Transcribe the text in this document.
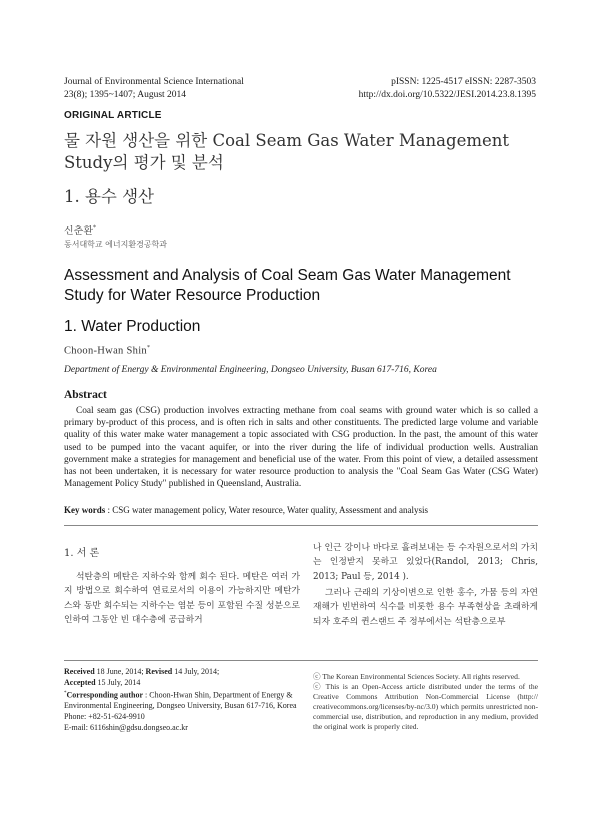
Journal of Environmental Science International
23(8); 1395~1407; August 2014
pISSN: 1225-4517 eISSN: 2287-3503
http://dx.doi.org/10.5322/JESI.2014.23.8.1395
ORIGINAL ARTICLE
물 자원 생산을 위한 Coal Seam Gas Water Management
Study의 평가 및 분석
1. 용수 생산
신춘환*
동서대학교 에너지환경공학과
Assessment and Analysis of Coal Seam Gas Water Management
Study for Water Resource Production
1. Water Production
Choon-Hwan Shin*
Department of Energy & Environmental Engineering, Dongseo University, Busan 617-716, Korea
Abstract

Coal seam gas (CSG) production involves extracting methane from coal seams with ground water which is so called a primary by-product of this process, and is often rich in salts and other constituents. The predicted large volume and variable quality of this water make water management a topic associated with CSG production. In the past, the amount of this water used to be pumped into the vacant aquifer, or into the river during the life of individual production wells. Australian government make a strategies for management and beneficial use of the water. From this point of view, a detailed assessment has not been undertaken, it is necessary for water resource production to analysis the "Coal Seam Gas Water (CSG Water) Management Policy Study" published in Queensland, Australia.

Key words : CSG water management policy, Water resource, Water quality, Assessment and analysis
1. 서 론

석탄층의 메탄은 지하수와 함께 회수 된다. 메탄은 여러 가지 방법으로 회수하여 연료로서의 이용이 가능하지만 메탄가스와 동반 회수되는 지하수는 염분 등이 포함된 수질 성분으로 인하여 그동안 빈 대수층에 공급하거

나 인근 강이나 바다로 흘려보내는 등 수자원으로서의 가치는 인정받지 못하고 있었다(Randol, 2013; Chris, 2013; Paul 등, 2014 ).

그러나 근래의 기상이변으로 인한 홍수, 가뭄 등의 자연재해가 빈번하여 식수를 비롯한 용수 부족현상을 초래하게 되자 호주의 퀸스랜드 주 정부에서는 석탄층으로부

Received 18 June, 2014; Revised 14 July, 2014;
Accepted 15 July, 2014
*Corresponding author : Choon-Hwan Shin, Department of Energy & Environmental Engineering, Dongseo University, Busan 617-716, Korea
Phone: +82-51-624-9910
E-mail: 6116shin@gdsu.dongseo.ac.kr
ⓒ The Korean Environmental Sciences Society. All rights reserved.
ⓒ This is an Open-Access article distributed under the terms of the Creative Commons Attribution Non-Commercial License (http:// creativecommons.org/licenses/by-nc/3.0) which permits unrestricted non-commercial use, distribution, and reproduction in any medium, provided the original work is properly cited.
